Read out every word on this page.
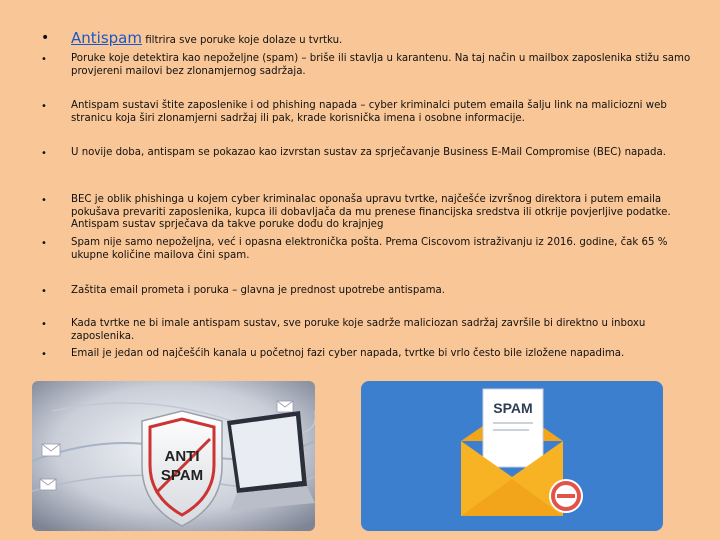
• Antispam filtrira sve poruke koje dolaze u tvrtku.
• Poruke koje detektira kao nepoželjne (spam) – briše ili stavlja u karantenu. Na taj način u mailbox zaposlenika stižu samo provjereni mailovi bez zlonamjernog sadržaja.
• Antispam sustavi štite zaposlenike i od phishing napada – cyber kriminalci putem emaila šalju link na maliciozni web stranicu koja širi zlonamjerni sadržaj ili pak, krade korisnička imena i osobne informacije.
• U novije doba, antispam se pokazao kao izvrstan sustav za sprječavanje Business E-Mail Compromise (BEC) napada.
• BEC je oblik phishinga u kojem cyber kriminalac oponaša upravu tvrtke, najčešće izvršnog direktora i putem emaila pokušava prevariti zaposlenika, kupca ili dobavljača da mu prenese financijska sredstva ili otkrije povjerljive podatke. Antispam sustav sprječava da takve poruke dođu do krajnjeg
• Spam nije samo nepoželjna, već i opasna elektronička pošta. Prema Ciscovom istraživanju iz 2016. godine, čak 65 % ukupne količine mailova čini spam.
• Zaštita email prometa i poruka – glavna je prednost upotrebe antispama.
• Kada tvrtke ne bi imale antispam sustav, sve poruke koje sadrže maliciozan sadržaj završile bi direktno u inboxu zaposlenika.
• Email je jedan od najčešćih kanala u početnoj fazi cyber napada, tvrtke bi vrlo često bile izložene napadima.
ANTI
SPAM
SPAM
